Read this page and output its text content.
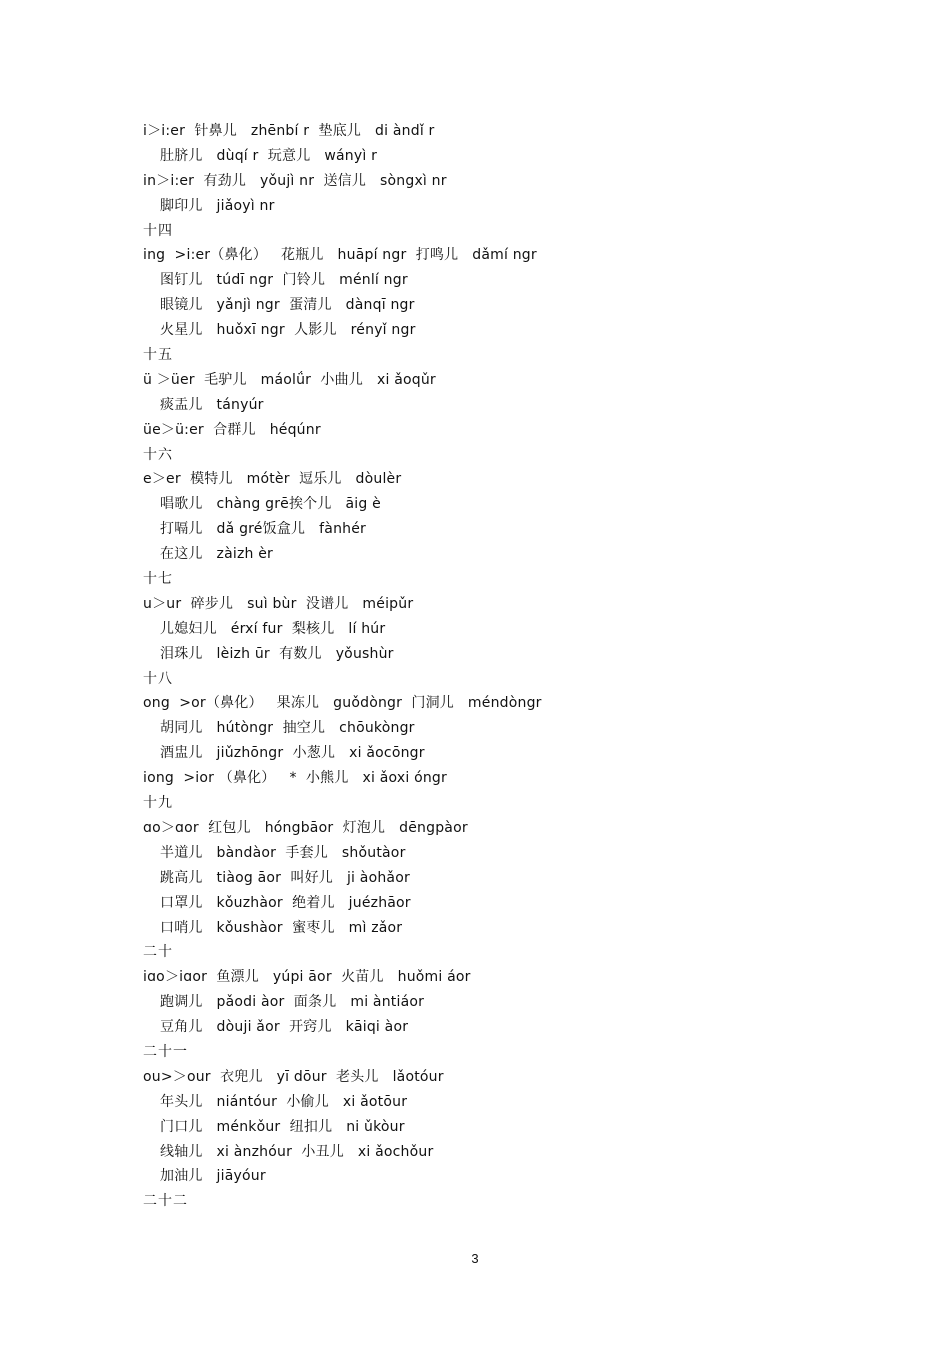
i＞i:er  针鼻儿   zhēnbí r  垫底儿   di àndǐ r
肚脐儿   dùqí r  玩意儿   wányì r
in＞i:er  有劲儿   yǒujì nr  送信儿   sòngxì nr
脚印儿   jiǎoyì nr
十四
ing  >i:er（鼻化）   花瓶儿   huāpí ngr  打鸣儿   dǎmí ngr
图钉儿   túdī ngr  门铃儿   ménlí ngr
眼镜儿   yǎnjì ngr  蛋清儿   dànqī ngr
火星儿   huǒxī ngr  人影儿   rényǐ ngr
十五
ü ＞üer  毛驴儿   máolǘr  小曲儿   xi ǎoqǔr
痰盂儿   tányúr
üe＞ü:er  合群儿   héqúnr
十六
e＞er  模特儿   mótèr  逗乐儿   dòulèr
唱歌儿   chàng grē挨个儿   āig è
打嗝儿   dǎ gré饭盒儿   fànhér
在这儿   zàizh èr
十七
u＞ur  碎步儿   suì bùr  没谱儿   méipǔr
儿媳妇儿   érxí fur  梨核儿   lí húr
泪珠儿   lèizh ūr  有数儿   yǒushùr
十八
ong  >or（鼻化）   果冻儿   guǒdòngr  门洞儿   méndòngr
胡同儿   hútòngr  抽空儿   chōukòngr
酒盅儿   jiǔzhōngr  小葱儿   xi ǎocōngr
iong  >ior （鼻化）   *  小熊儿   xi ǎoxi óngr
十九
ɑo＞ɑor  红包儿   hóngbāor  灯泡儿   dēngpàor
半道儿   bàndàor  手套儿   shǒutàor
跳高儿   tiàog āor  叫好儿   ji àohǎor
口罩儿   kǒuzhàor  绝着儿   juézhāor
口哨儿   kǒushàor  蜜枣儿   mì zǎor
二十
iɑo＞iɑor  鱼漂儿   yúpi āor  火苗儿   huǒmi áor
跑调儿   pǎodi àor  面条儿   mi àntiáor
豆角儿   dòuji ǎor  开窍儿   kāiqi àor
二十一
ou>＞our  衣兜儿   yī dōur  老头儿   lǎotóur
年头儿   niántóur  小偷儿   xi ǎotōur
门口儿   ménkǒur  纽扣儿   ni ǔkòur
线轴儿   xi ànzhóur  小丑儿   xi ǎochǒur
加油儿   jiāyóur
二十二
3
